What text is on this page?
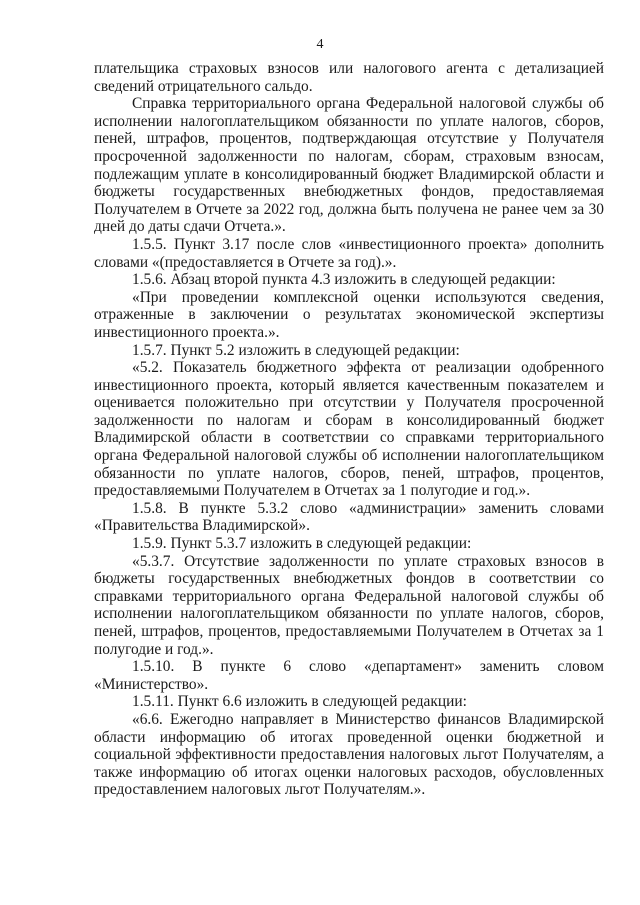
4

плательщика страховых взносов или налогового агента с детализацией сведений отрицательного сальдо.

Справка территориального органа Федеральной налоговой службы об исполнении налогоплательщиком обязанности по уплате налогов, сборов, пеней, штрафов, процентов, подтверждающая отсутствие у Получателя просроченной задолженности по налогам, сборам, страховым взносам, подлежащим уплате в консолидированный бюджет Владимирской области и бюджеты государственных внебюджетных фондов, предоставляемая Получателем в Отчете за 2022 год, должна быть получена не ранее чем за 30 дней до даты сдачи Отчета.».

1.5.5. Пункт 3.17 после слов «инвестиционного проекта» дополнить словами «(предоставляется в Отчете за год).».

1.5.6. Абзац второй пункта 4.3 изложить в следующей редакции:

«При проведении комплексной оценки используются сведения, отраженные в заключении о результатах экономической экспертизы инвестиционного проекта.».

1.5.7. Пункт 5.2 изложить в следующей редакции:

«5.2. Показатель бюджетного эффекта от реализации одобренного инвестиционного проекта, который является качественным показателем и оценивается положительно при отсутствии у Получателя просроченной задолженности по налогам и сборам в консолидированный бюджет Владимирской области в соответствии со справками территориального органа Федеральной налоговой службы об исполнении налогоплательщиком обязанности по уплате налогов, сборов, пеней, штрафов, процентов, предоставляемыми Получателем в Отчетах за 1 полугодие и год.».

1.5.8. В пункте 5.3.2 слово «администрации» заменить словами «Правительства Владимирской».

1.5.9. Пункт 5.3.7 изложить в следующей редакции:

«5.3.7. Отсутствие задолженности по уплате страховых взносов в бюджеты государственных внебюджетных фондов в соответствии со справками территориального органа Федеральной налоговой службы об исполнении налогоплательщиком обязанности по уплате налогов, сборов, пеней, штрафов, процентов, предоставляемыми Получателем в Отчетах за 1 полугодие и год.».

1.5.10. В пункте 6 слово «департамент» заменить словом «Министерство».

1.5.11. Пункт 6.6 изложить в следующей редакции:

«6.6. Ежегодно направляет в Министерство финансов Владимирской области информацию об итогах проведенной оценки бюджетной и социальной эффективности предоставления налоговых льгот Получателям, а также информацию об итогах оценки налоговых расходов, обусловленных предоставлением налоговых льгот Получателям.».
